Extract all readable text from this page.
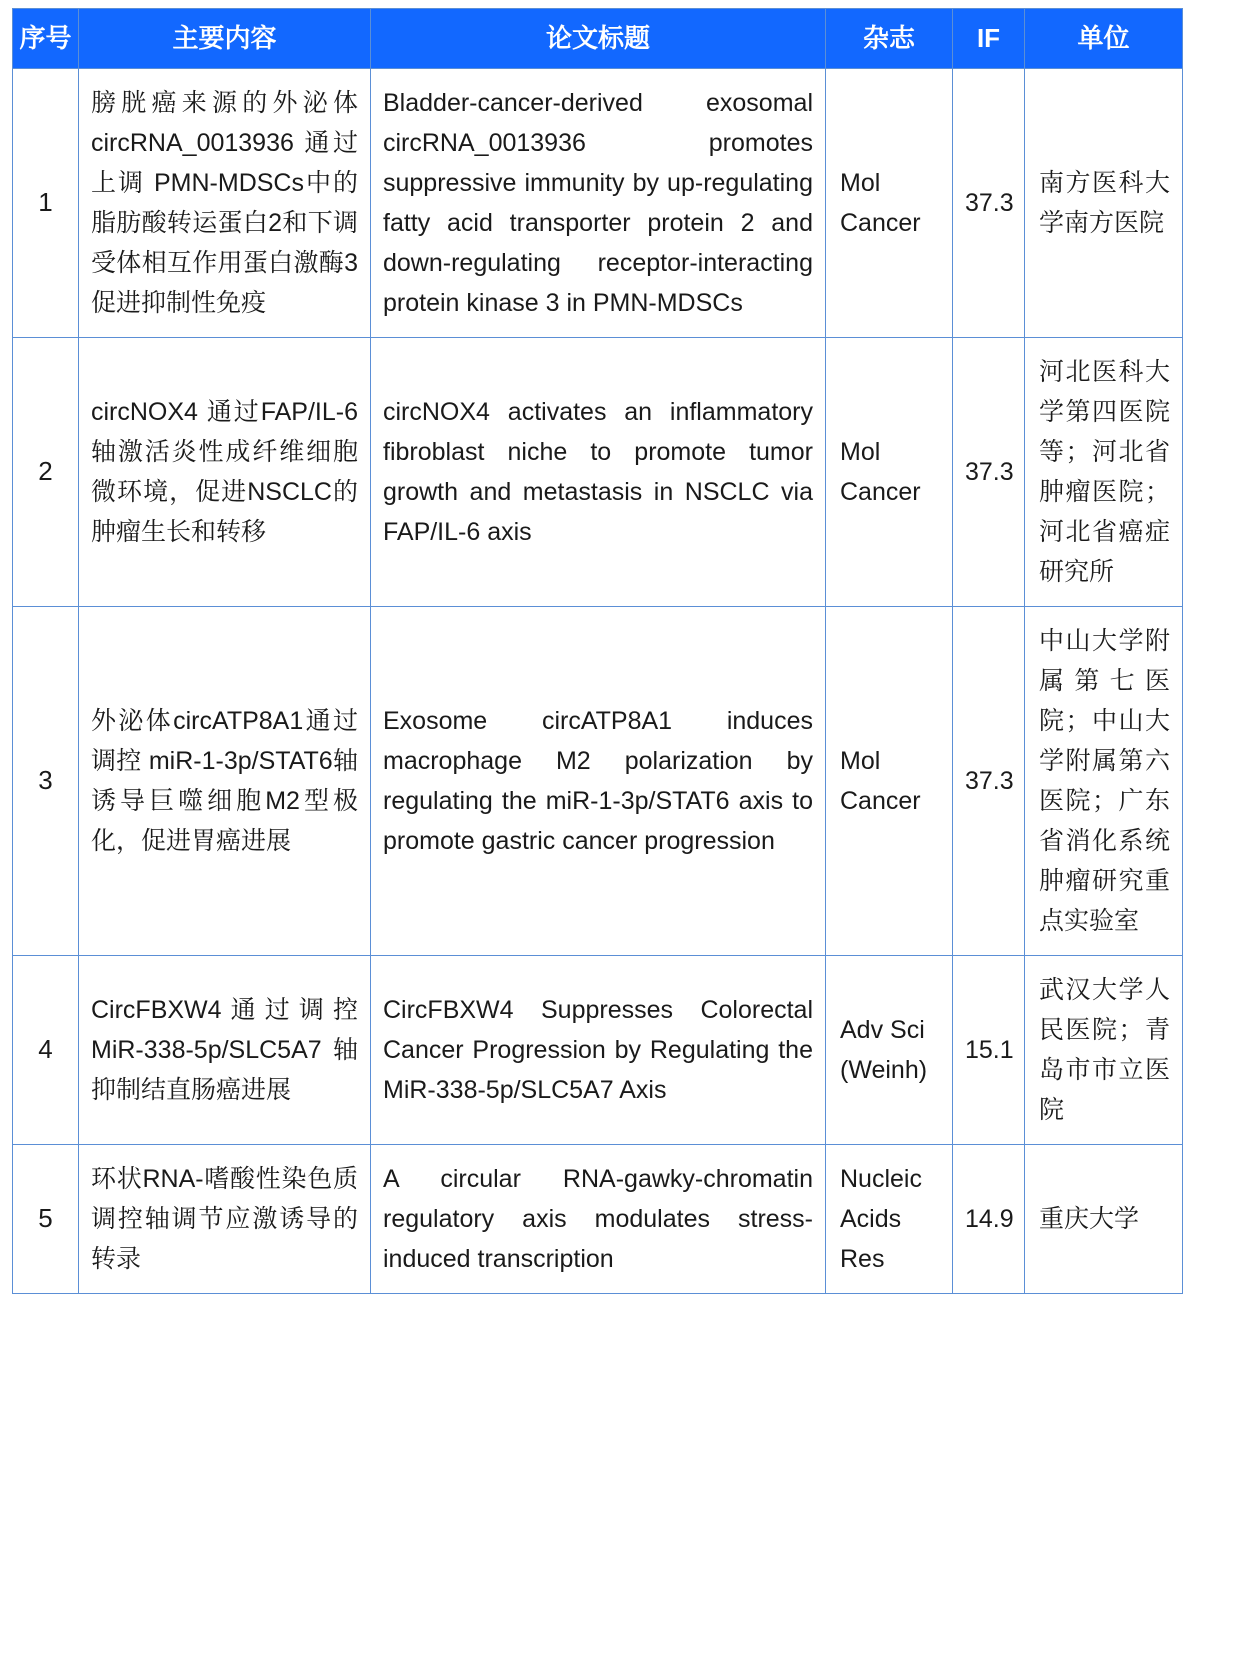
序号	主要内容	论文标题	杂志	IF	单位
1	膀胱癌来源的外泌体circRNA_0013936 通过上调 PMN-MDSCs中的脂肪酸转运蛋白2和下调受体相互作用蛋白激酶3促进抑制性免疫	Bladder-cancer-derived exosomal circRNA_0013936 promotes suppressive immunity by up-regulating fatty acid transporter protein 2 and down-regulating receptor-interacting protein kinase 3 in PMN-MDSCs	Mol Cancer	37.3	南方医科大学南方医院
2	circNOX4 通过FAP/IL-6轴激活炎性成纤维细胞微环境，促进NSCLC的肿瘤生长和转移	circNOX4 activates an inflammatory fibroblast niche to promote tumor growth and metastasis in NSCLC via FAP/IL-6 axis	Mol Cancer	37.3	河北医科大学第四医院等；河北省肿瘤医院；河北省癌症研究所
3	外泌体circATP8A1通过调控 miR-1-3p/STAT6轴诱导巨噬细胞M2型极化，促进胃癌进展	Exosome circATP8A1 induces macrophage M2 polarization by regulating the miR-1-3p/STAT6 axis to promote gastric cancer progression	Mol Cancer	37.3	中山大学附属第七医院；中山大学附属第六医院；广东省消化系统肿瘤研究重点实验室
4	CircFBXW4通过调控MiR-338-5p/SLC5A7轴抑制结直肠癌进展	CircFBXW4 Suppresses Colorectal Cancer Progression by Regulating the MiR-338-5p/SLC5A7 Axis	Adv Sci (Weinh)	15.1	武汉大学人民医院；青岛市市立医院
5	环状RNA-嗜酸性染色质调控轴调节应激诱导的转录	A circular RNA-gawky-chromatin regulatory axis modulates stress-induced transcription	Nucleic Acids Res	14.9	重庆大学
